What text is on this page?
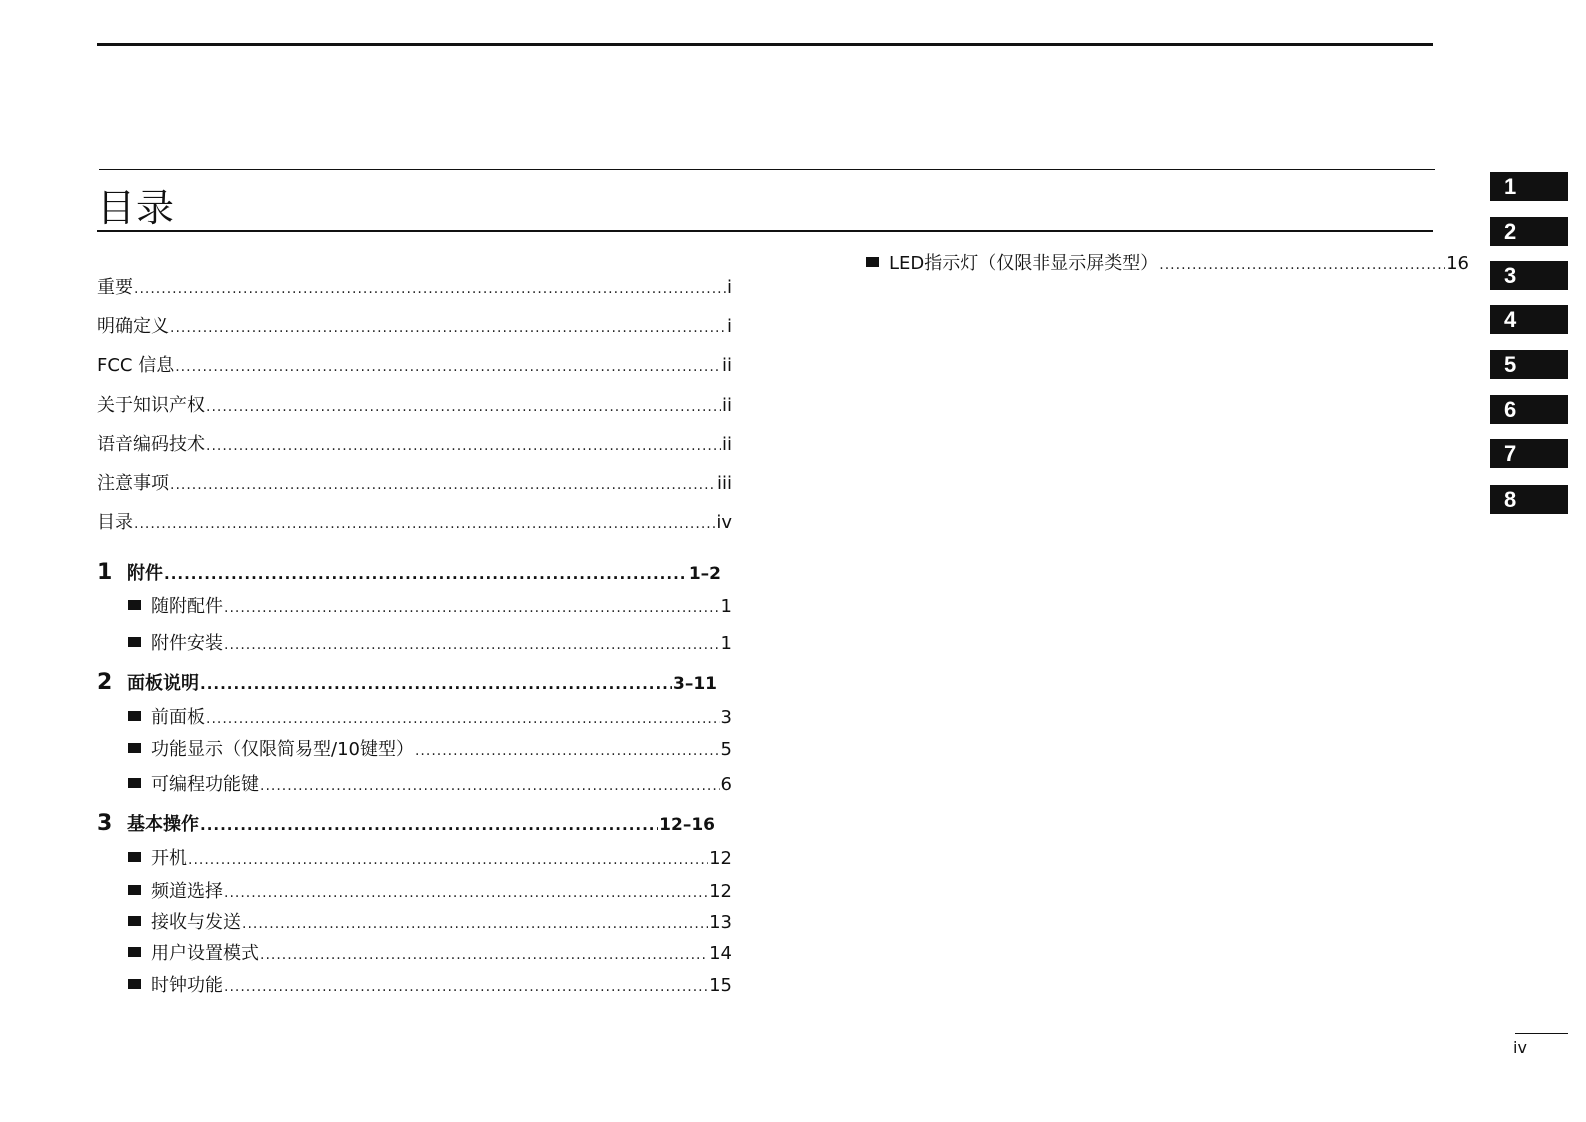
目录
重要 .....	i
明确定义 .....	i
FCC 信息 .....	ii
关于知识产权 .....	ii
语音编码技术 .....	ii
注意事项 .....	iii
目录 .....	iv
1 附件 .....	1–2
随附配件 .....	1
附件安装 .....	1
2 面板说明 .....	3–11
前面板 .....	3
功能显示（仅限简易型/10键型） .....	5
可编程功能键 .....	6
3 基本操作 .....	12–16
开机 .....	12
频道选择 .....	12
接收与发送 .....	13
用户设置模式 .....	14
时钟功能 .....	15
LED指示灯（仅限非显示屏类型） .....	16
1
2
3
4
5
6
7
8
iv
